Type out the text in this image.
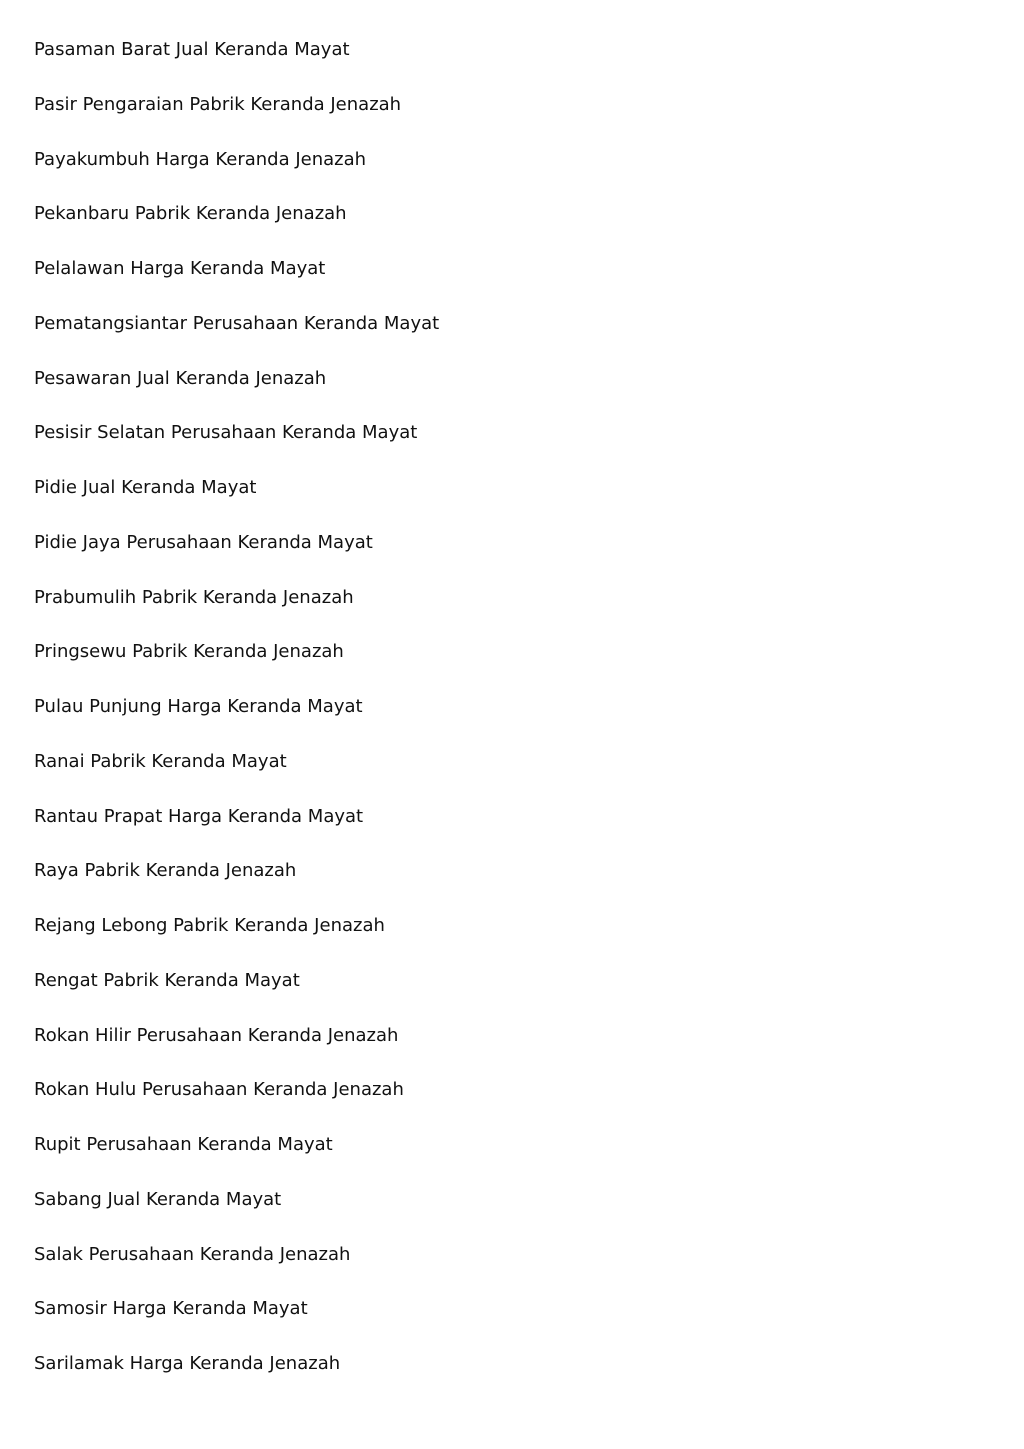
Pasaman Barat Jual Keranda Mayat
Pasir Pengaraian Pabrik Keranda Jenazah
Payakumbuh Harga Keranda Jenazah
Pekanbaru Pabrik Keranda Jenazah
Pelalawan Harga Keranda Mayat
Pematangsiantar Perusahaan Keranda Mayat
Pesawaran Jual Keranda Jenazah
Pesisir Selatan Perusahaan Keranda Mayat
Pidie Jual Keranda Mayat
Pidie Jaya Perusahaan Keranda Mayat
Prabumulih Pabrik Keranda Jenazah
Pringsewu Pabrik Keranda Jenazah
Pulau Punjung Harga Keranda Mayat
Ranai Pabrik Keranda Mayat
Rantau Prapat Harga Keranda Mayat
Raya Pabrik Keranda Jenazah
Rejang Lebong Pabrik Keranda Jenazah
Rengat Pabrik Keranda Mayat
Rokan Hilir Perusahaan Keranda Jenazah
Rokan Hulu Perusahaan Keranda Jenazah
Rupit Perusahaan Keranda Mayat
Sabang Jual Keranda Mayat
Salak Perusahaan Keranda Jenazah
Samosir Harga Keranda Mayat
Sarilamak Harga Keranda Jenazah
